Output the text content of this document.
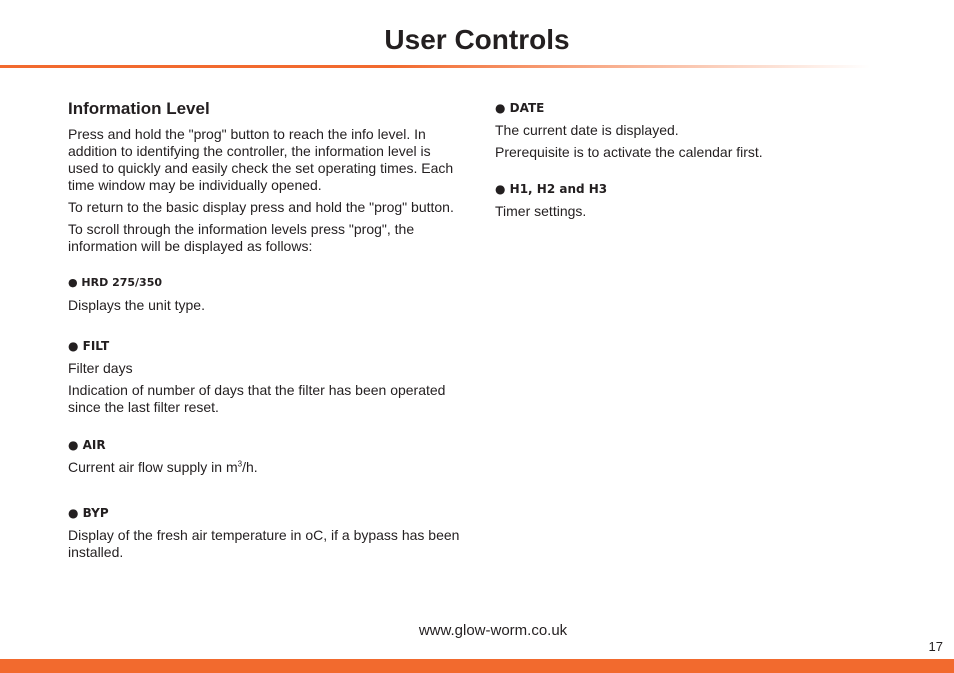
User Controls
Information Level

Press and hold the "prog" button to reach the info level. In addition to identifying the controller, the information level is used to quickly and easily check the set operating times. Each time window may be individually opened.

To return to the basic display press and hold the "prog" button.

To scroll through the information levels press "prog", the information will be displayed as follows:

● HRD 275/350

Displays the unit type.

● FILT

Filter days

Indication of number of days that the filter has been operated since the last filter reset.

● AIR

Current air flow supply in $m^3/h$.

● BYP

Display of the fresh air temperature in oC, if a bypass has been installed.

● DATE

The current date is displayed.

Prerequisite is to activate the calendar first.

● H1, H2 and H3

Timer settings.

www.glow-worm.co.uk
17
